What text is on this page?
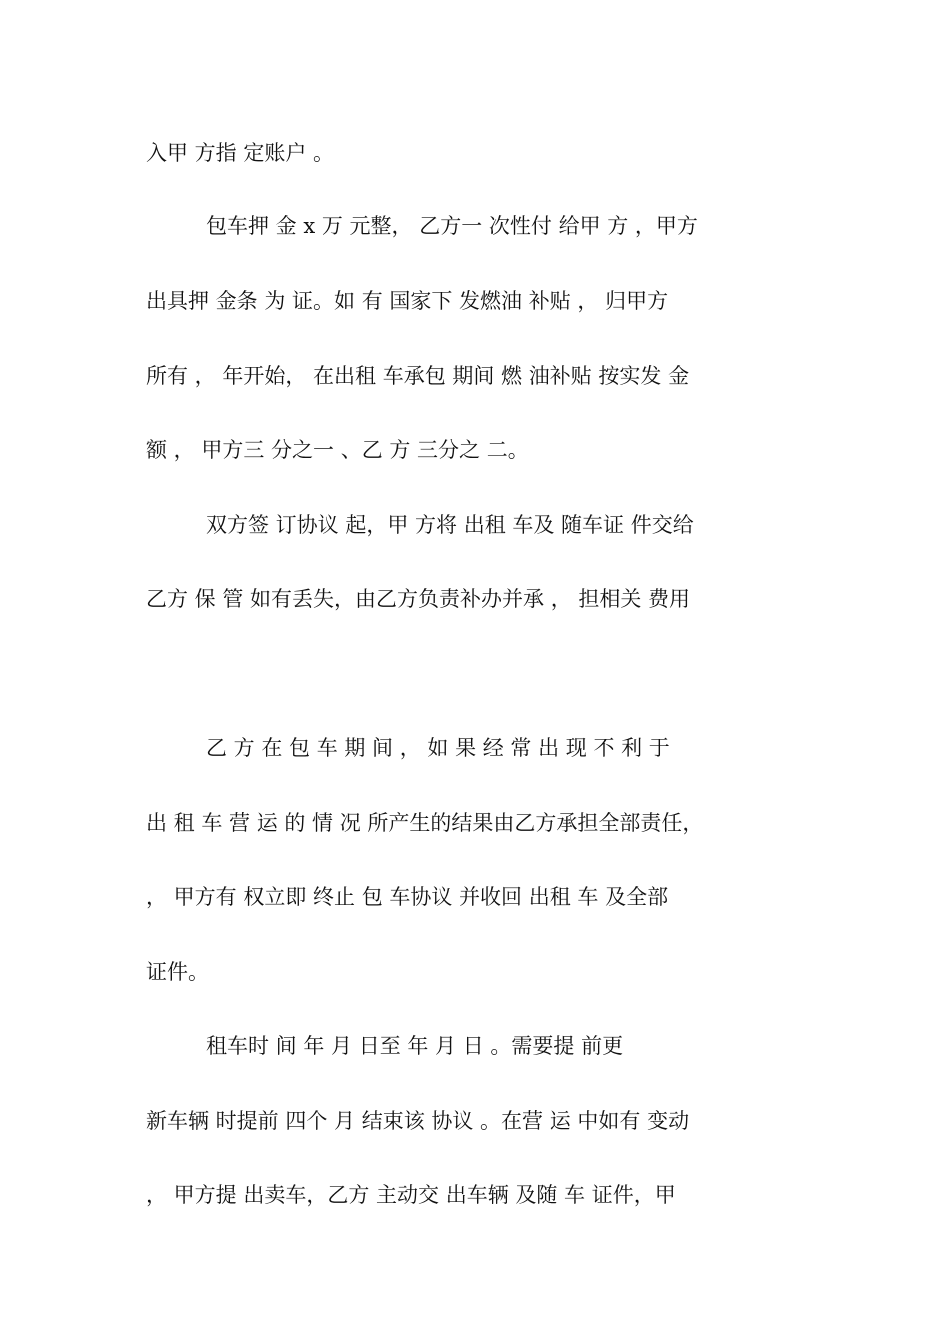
入甲 方指 定账户 。
包车押 金 x 万 元整， 乙方一 次性付 给甲 方 ，甲方
出具押 金条 为 证。如 有 国家下 发燃油 补贴 ， 归甲方
所有 ， 年开始， 在出租 车承包 期间 燃 油补贴 按实发 金
额 ， 甲方三 分之一 、乙 方 三分之 二。
双方签 订协议 起，甲 方将 出租 车及 随车证 件交给
乙方 保 管 如有丢失，由乙方负责补办并承 ， 担相关 费用
乙 方 在 包 车 期 间 ， 如 果 经 常 出 现 不 利 于
出 租 车 营 运 的 情 况 所产生的结果由乙方承担全部责任，
， 甲方有 权立即 终止 包 车协议 并收回 出租 车 及全部
证件。
租车时 间 年 月 日至 年 月 日 。需要提 前更
新车辆 时提前 四个 月 结束该 协议 。在营 运 中如有 变动
， 甲方提 出卖车，乙方 主动交 出车辆 及随 车 证件，甲
